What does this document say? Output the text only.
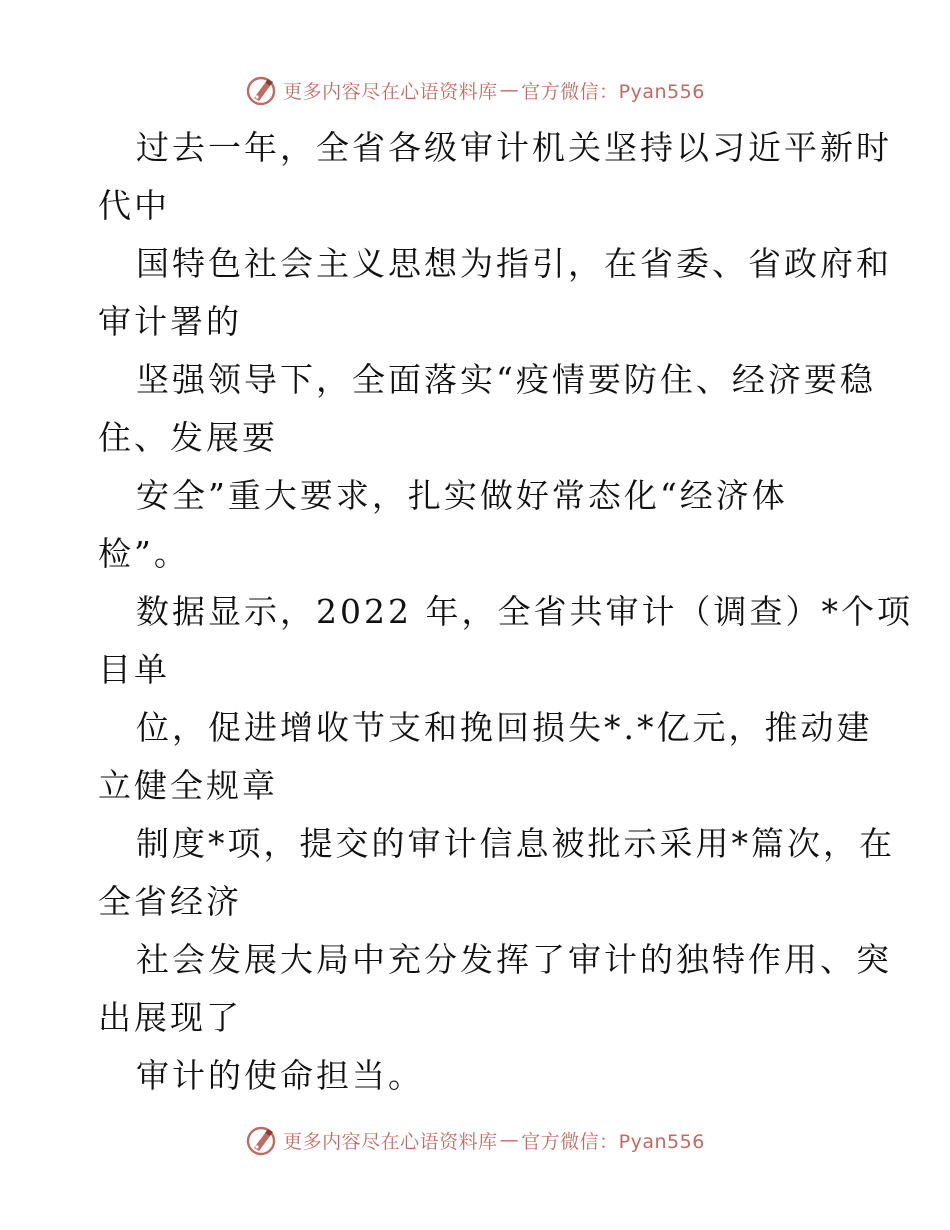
更多内容尽在心语资料库 — 官方微信：Pyan556
过去一年，全省各级审计机关坚持以习近平新时
代中
国特色社会主义思想为指引，在省委、省政府和
审计署的
坚强领导下，全面落实“疫情要防住、经济要稳
住、发展要
安全”重大要求，扎实做好常态化“经济体
检”。
数据显示，2022 年，全省共审计（调查）*个项
目单
位，促进增收节支和挽回损失*.*亿元，推动建
立健全规章
制度*项，提交的审计信息被批示采用*篇次，在
全省经济
社会发展大局中充分发挥了审计的独特作用、突
出展现了
审计的使命担当。
更多内容尽在心语资料库 — 官方微信：Pyan556
